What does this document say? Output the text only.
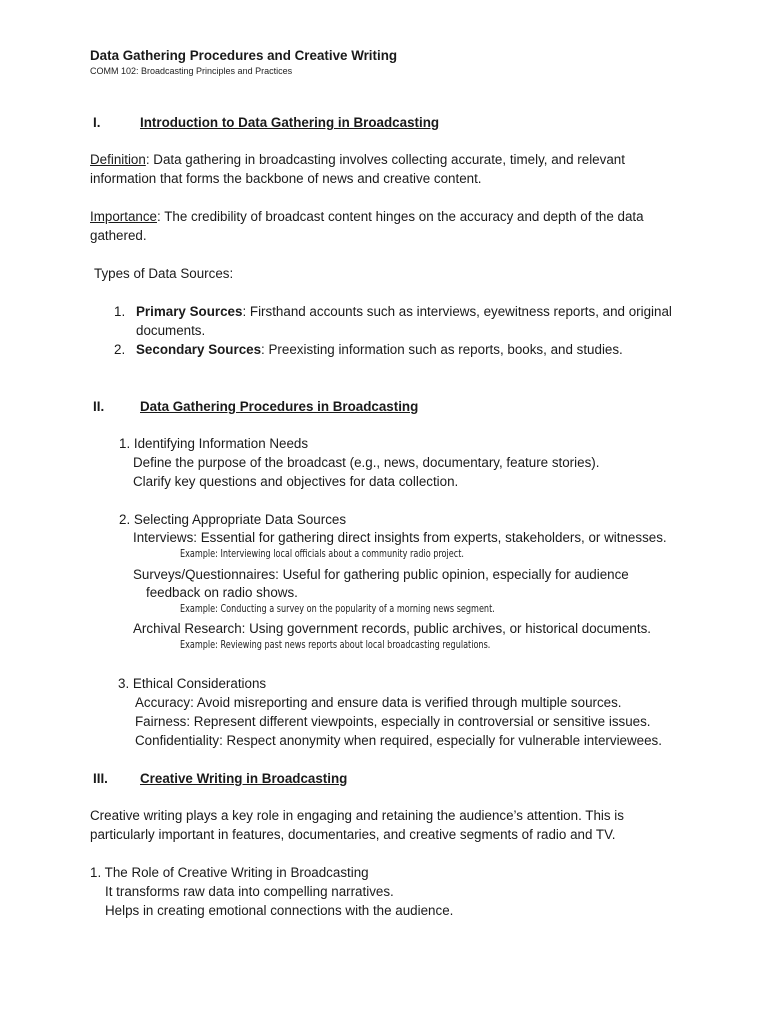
Data Gathering Procedures and Creative Writing
COMM 102: Broadcasting Principles and Practices
I.	Introduction to Data Gathering in Broadcasting
Definition: Data gathering in broadcasting involves collecting accurate, timely, and relevant
information that forms the backbone of news and creative content.
Importance: The credibility of broadcast content hinges on the accuracy and depth of the data
gathered.
Types of Data Sources:
1. Primary Sources: Firsthand accounts such as interviews, eyewitness reports, and original
documents.
2. Secondary Sources: Preexisting information such as reports, books, and studies.
II.	Data Gathering Procedures in Broadcasting
1. Identifying Information Needs
Define the purpose of the broadcast (e.g., news, documentary, feature stories).
Clarify key questions and objectives for data collection.
2. Selecting Appropriate Data Sources
Interviews: Essential for gathering direct insights from experts, stakeholders, or witnesses.
Example: Interviewing local officials about a community radio project.
Surveys/Questionnaires: Useful for gathering public opinion, especially for audience
feedback on radio shows.
Example: Conducting a survey on the popularity of a morning news segment.
Archival Research: Using government records, public archives, or historical documents.
Example: Reviewing past news reports about local broadcasting regulations.
3. Ethical Considerations
Accuracy: Avoid misreporting and ensure data is verified through multiple sources.
Fairness: Represent different viewpoints, especially in controversial or sensitive issues.
Confidentiality: Respect anonymity when required, especially for vulnerable interviewees.
III. Creative Writing in Broadcasting
Creative writing plays a key role in engaging and retaining the audience’s attention. This is
particularly important in features, documentaries, and creative segments of radio and TV.
1. The Role of Creative Writing in Broadcasting
It transforms raw data into compelling narratives.
Helps in creating emotional connections with the audience.
